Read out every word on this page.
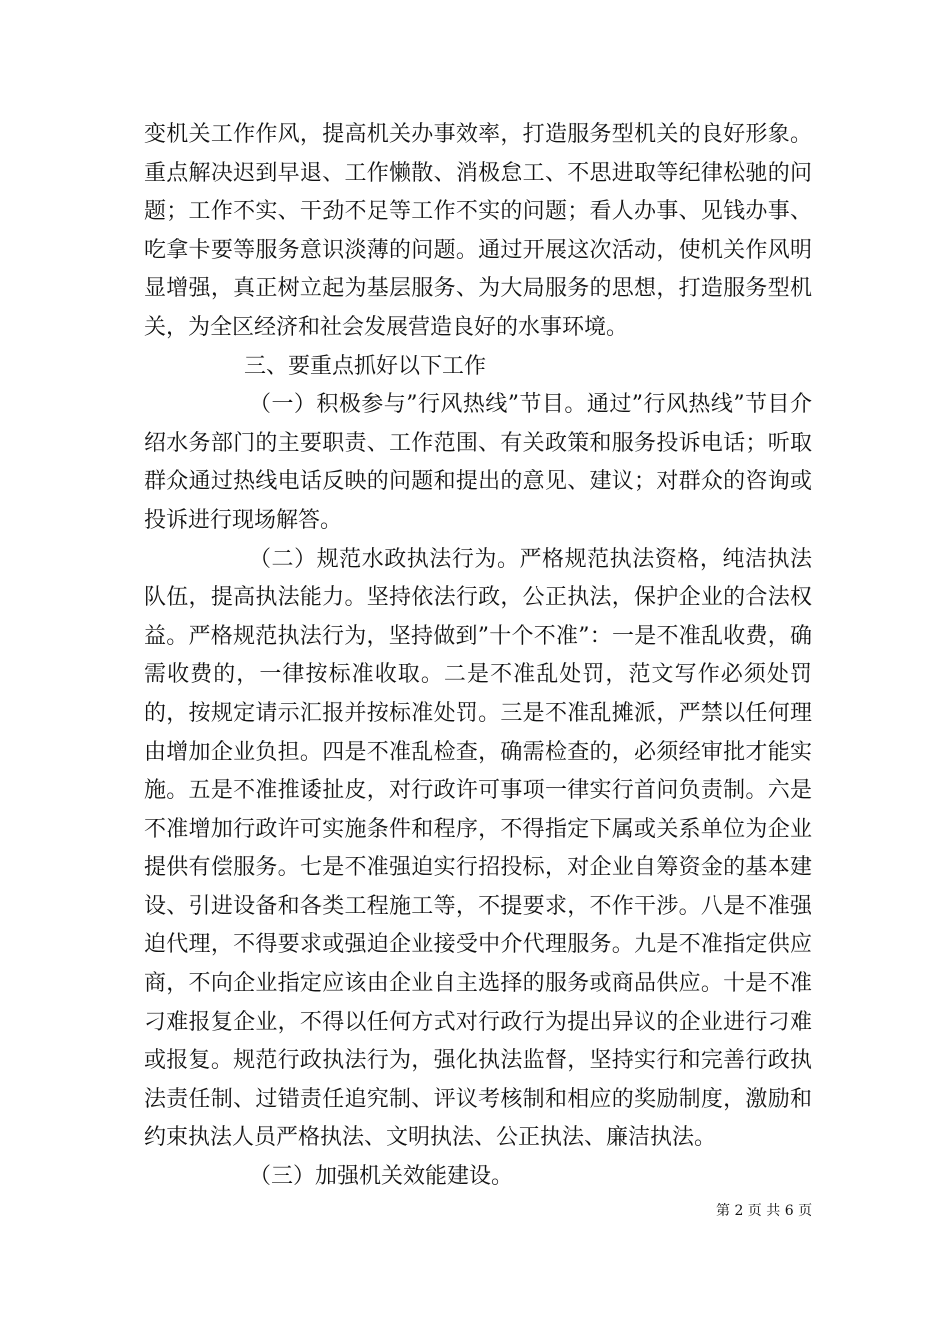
变机关工作作风，提高机关办事效率，打造服务型机关的良好形象。重点解决迟到早退、工作懒散、消极怠工、不思进取等纪律松驰的问题；工作不实、干劲不足等工作不实的问题；看人办事、见钱办事、吃拿卡要等服务意识淡薄的问题。通过开展这次活动，使机关作风明显增强，真正树立起为基层服务、为大局服务的思想，打造服务型机关，为全区经济和社会发展营造良好的水事环境。

三、要重点抓好以下工作

（一）积极参与”行风热线”节目。通过”行风热线”节目介绍水务部门的主要职责、工作范围、有关政策和服务投诉电话；听取群众通过热线电话反映的问题和提出的意见、建议；对群众的咨询或投诉进行现场解答。

（二）规范水政执法行为。严格规范执法资格，纯洁执法队伍，提高执法能力。坚持依法行政，公正执法，保护企业的合法权益。严格规范执法行为，坚持做到”十个不准”：一是不准乱收费，确需收费的，一律按标准收取。二是不准乱处罚，范文写作必须处罚的，按规定请示汇报并按标准处罚。三是不准乱摊派，严禁以任何理由增加企业负担。四是不准乱检查，确需检查的，必须经审批才能实施。五是不准推诿扯皮，对行政许可事项一律实行首问负责制。六是不准增加行政许可实施条件和程序，不得指定下属或关系单位为企业提供有偿服务。七是不准强迫实行招投标，对企业自筹资金的基本建设、引进设备和各类工程施工等，不提要求，不作干涉。八是不准强迫代理，不得要求或强迫企业接受中介代理服务。九是不准指定供应商，不向企业指定应该由企业自主选择的服务或商品供应。十是不准刁难报复企业，不得以任何方式对行政行为提出异议的企业进行刁难或报复。规范行政执法行为，强化执法监督，坚持实行和完善行政执法责任制、过错责任追究制、评议考核制和相应的奖励制度，激励和约束执法人员严格执法、文明执法、公正执法、廉洁执法。

（三）加强机关效能建设。

第 2 页 共 6 页
